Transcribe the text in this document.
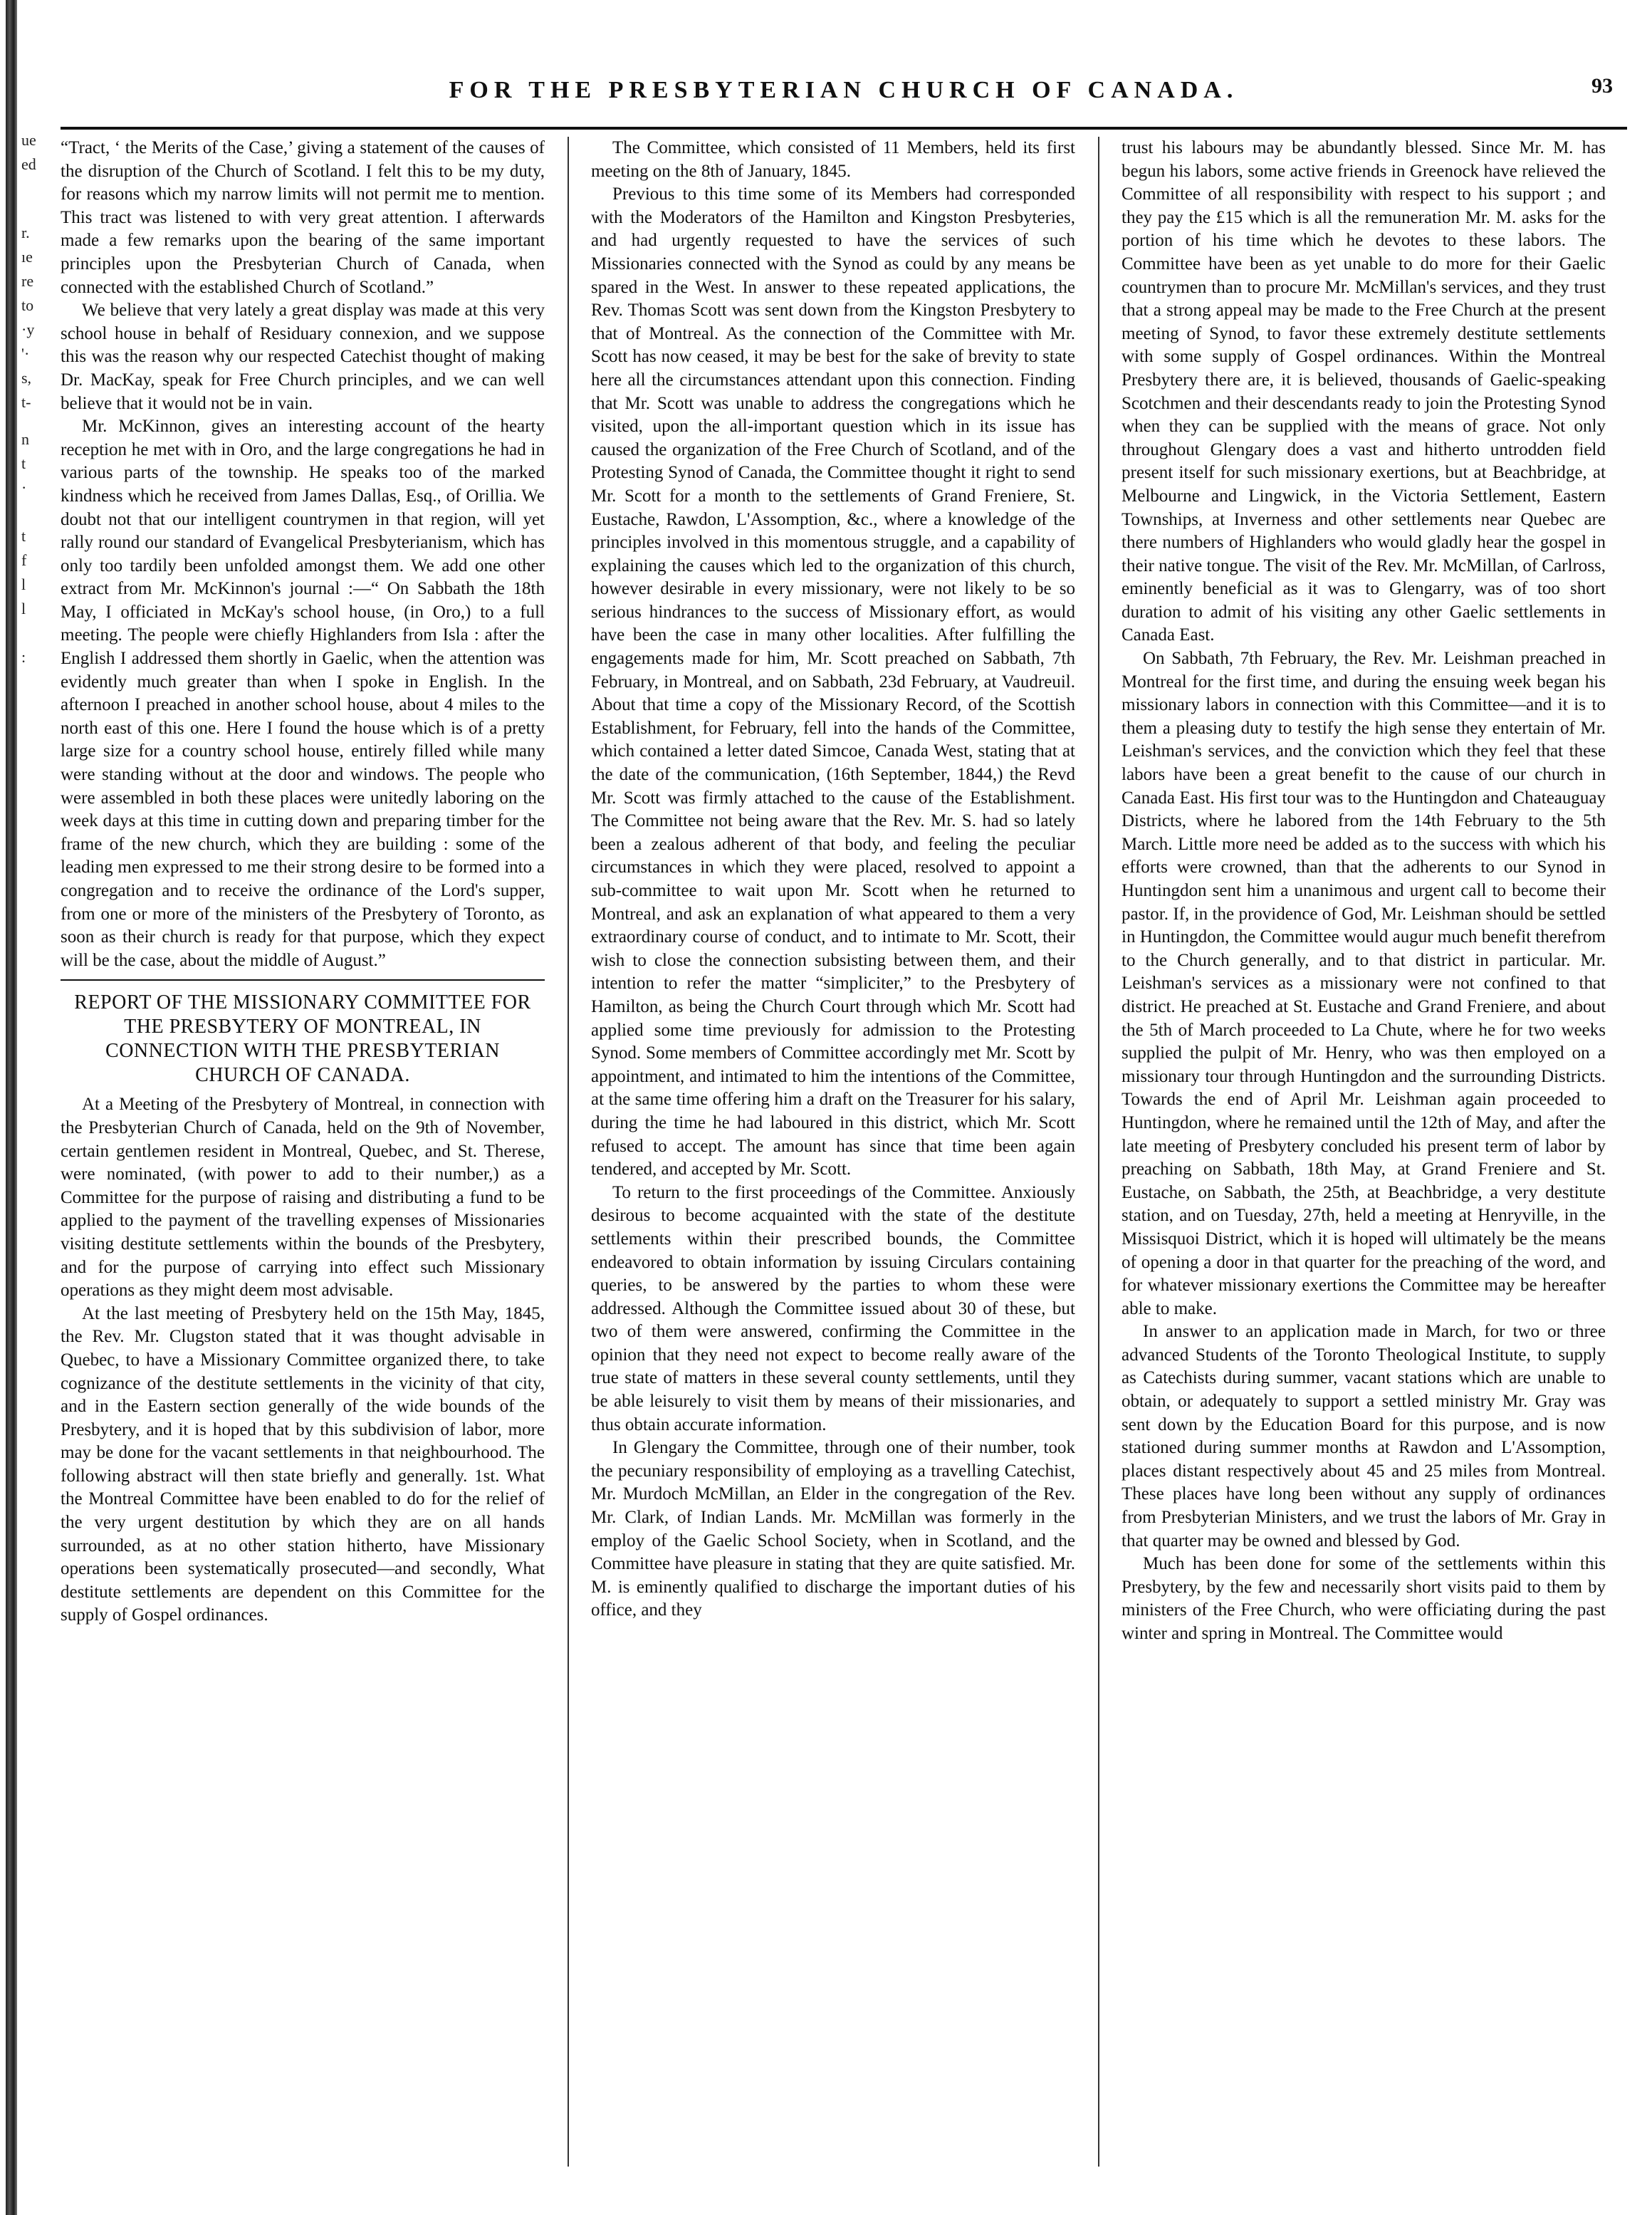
ue
ed
r.
ıe
re
to
·y
'·
s,
t-
n
t
·
t
f
l
l
:
FOR THE PRESBYTERIAN CHURCH OF CANADA.	93

“Tract, ‘ the Merits of the Case,’ giving a statement of the causes of the disruption of the Church of Scotland. I felt this to be my duty, for reasons which my narrow limits will not permit me to mention. This tract was listened to with very great attention. I afterwards made a few remarks upon the bearing of the same important principles upon the Presbyterian Church of Canada, when connected with the established Church of Scotland.”

We believe that very lately a great display was made at this very school house in behalf of Residuary connexion, and we suppose this was the reason why our respected Catechist thought of making Dr. MacKay, speak for Free Church principles, and we can well believe that it would not be in vain.

Mr. McKinnon, gives an interesting account of the hearty reception he met with in Oro, and the large congregations he had in various parts of the township. He speaks too of the marked kindness which he received from James Dallas, Esq., of Orillia. We doubt not that our intelligent countrymen in that region, will yet rally round our standard of Evangelical Presbyterianism, which has only too tardily been unfolded amongst them. We add one other extract from Mr. McKinnon's journal :—“ On Sabbath the 18th May, I officiated in McKay's school house, (in Oro,) to a full meeting. The people were chiefly Highlanders from Isla : after the English I addressed them shortly in Gaelic, when the attention was evidently much greater than when I spoke in English. In the afternoon I preached in another school house, about 4 miles to the north east of this one. Here I found the house which is of a pretty large size for a country school house, entirely filled while many were standing without at the door and windows. The people who were assembled in both these places were unitedly laboring on the week days at this time in cutting down and preparing timber for the frame of the new church, which they are building : some of the leading men expressed to me their strong desire to be formed into a congregation and to receive the ordinance of the Lord's supper, from one or more of the ministers of the Presbytery of Toronto, as soon as their church is ready for that purpose, which they expect will be the case, about the middle of August.”

REPORT OF THE MISSIONARY COMMITTEE FOR THE PRESBYTERY OF MONTREAL, IN CONNECTION WITH THE PRESBYTERIAN CHURCH OF CANADA.

At a Meeting of the Presbytery of Montreal, in connection with the Presbyterian Church of Canada, held on the 9th of November, certain gentlemen resident in Montreal, Quebec, and St. Therese, were nominated, (with power to add to their number,) as a Committee for the purpose of raising and distributing a fund to be applied to the payment of the travelling expenses of Missionaries visiting destitute settlements within the bounds of the Presbytery, and for the purpose of carrying into effect such Missionary operations as they might deem most advisable.

At the last meeting of Presbytery held on the 15th May, 1845, the Rev. Mr. Clugston stated that it was thought advisable in Quebec, to have a Missionary Committee organized there, to take cognizance of the destitute settlements in the vicinity of that city, and in the Eastern section generally of the wide bounds of the Presbytery, and it is hoped that by this subdivision of labor, more may be done for the vacant settlements in that neighbourhood. The following abstract will then state briefly and generally. 1st. What the Montreal Committee have been enabled to do for the relief of the very urgent destitution by which they are on all hands surrounded, as at no other station hitherto, have Missionary operations been systematically prosecuted—and secondly, What destitute settlements are dependent on this Committee for the supply of Gospel ordinances.

The Committee, which consisted of 11 Members, held its first meeting on the 8th of January, 1845.

Previous to this time some of its Members had corresponded with the Moderators of the Hamilton and Kingston Presbyteries, and had urgently requested to have the services of such Missionaries connected with the Synod as could by any means be spared in the West. In answer to these repeated applications, the Rev. Thomas Scott was sent down from the Kingston Presbytery to that of Montreal. As the connection of the Committee with Mr. Scott has now ceased, it may be best for the sake of brevity to state here all the circumstances attendant upon this connection. Finding that Mr. Scott was unable to address the congregations which he visited, upon the all-important question which in its issue has caused the organization of the Free Church of Scotland, and of the Protesting Synod of Canada, the Committee thought it right to send Mr. Scott for a month to the settlements of Grand Freniere, St. Eustache, Rawdon, L'Assomption, &c., where a knowledge of the principles involved in this momentous struggle, and a capability of explaining the causes which led to the organization of this church, however desirable in every missionary, were not likely to be so serious hindrances to the success of Missionary effort, as would have been the case in many other localities. After fulfilling the engagements made for him, Mr. Scott preached on Sabbath, 7th February, in Montreal, and on Sabbath, 23d February, at Vaudreuil. About that time a copy of the Missionary Record, of the Scottish Establishment, for February, fell into the hands of the Committee, which contained a letter dated Simcoe, Canada West, stating that at the date of the communication, (16th September, 1844,) the Revd Mr. Scott was firmly attached to the cause of the Establishment. The Committee not being aware that the Rev. Mr. S. had so lately been a zealous adherent of that body, and feeling the peculiar circumstances in which they were placed, resolved to appoint a sub-committee to wait upon Mr. Scott when he returned to Montreal, and ask an explanation of what appeared to them a very extraordinary course of conduct, and to intimate to Mr. Scott, their wish to close the connection subsisting between them, and their intention to refer the matter “simpliciter,” to the Presbytery of Hamilton, as being the Church Court through which Mr. Scott had applied some time previously for admission to the Protesting Synod. Some members of Committee accordingly met Mr. Scott by appointment, and intimated to him the intentions of the Committee, at the same time offering him a draft on the Treasurer for his salary, during the time he had laboured in this district, which Mr. Scott refused to accept. The amount has since that time been again tendered, and accepted by Mr. Scott.

To return to the first proceedings of the Committee. Anxiously desirous to become acquainted with the state of the destitute settlements within their prescribed bounds, the Committee endeavored to obtain information by issuing Circulars containing queries, to be answered by the parties to whom these were addressed. Although the Committee issued about 30 of these, but two of them were answered, confirming the Committee in the opinion that they need not expect to become really aware of the true state of matters in these several county settlements, until they be able leisurely to visit them by means of their missionaries, and thus obtain accurate information.

In Glengary the Committee, through one of their number, took the pecuniary responsibility of employing as a travelling Catechist, Mr. Murdoch McMillan, an Elder in the congregation of the Rev. Mr. Clark, of Indian Lands. Mr. McMillan was formerly in the employ of the Gaelic School Society, when in Scotland, and the Committee have pleasure in stating that they are quite satisfied. Mr. M. is eminently qualified to discharge the important duties of his office, and they

trust his labours may be abundantly blessed. Since Mr. M. has begun his labors, some active friends in Greenock have relieved the Committee of all responsibility with respect to his support ; and they pay the £15 which is all the remuneration Mr. M. asks for the portion of his time which he devotes to these labors. The Committee have been as yet unable to do more for their Gaelic countrymen than to procure Mr. McMillan's services, and they trust that a strong appeal may be made to the Free Church at the present meeting of Synod, to favor these extremely destitute settlements with some supply of Gospel ordinances. Within the Montreal Presbytery there are, it is believed, thousands of Gaelic-speaking Scotchmen and their descendants ready to join the Protesting Synod when they can be supplied with the means of grace. Not only throughout Glengary does a vast and hitherto untrodden field present itself for such missionary exertions, but at Beachbridge, at Melbourne and Lingwick, in the Victoria Settlement, Eastern Townships, at Inverness and other settlements near Quebec are there numbers of Highlanders who would gladly hear the gospel in their native tongue. The visit of the Rev. Mr. McMillan, of Carlross, eminently beneficial as it was to Glengarry, was of too short duration to admit of his visiting any other Gaelic settlements in Canada East.

On Sabbath, 7th February, the Rev. Mr. Leishman preached in Montreal for the first time, and during the ensuing week began his missionary labors in connection with this Committee—and it is to them a pleasing duty to testify the high sense they entertain of Mr. Leishman's services, and the conviction which they feel that these labors have been a great benefit to the cause of our church in Canada East. His first tour was to the Huntingdon and Chateauguay Districts, where he labored from the 14th February to the 5th March. Little more need be added as to the success with which his efforts were crowned, than that the adherents to our Synod in Huntingdon sent him a unanimous and urgent call to become their pastor. If, in the providence of God, Mr. Leishman should be settled in Huntingdon, the Committee would augur much benefit therefrom to the Church generally, and to that district in particular. Mr. Leishman's services as a missionary were not confined to that district. He preached at St. Eustache and Grand Freniere, and about the 5th of March proceeded to La Chute, where he for two weeks supplied the pulpit of Mr. Henry, who was then employed on a missionary tour through Huntingdon and the surrounding Districts. Towards the end of April Mr. Leishman again proceeded to Huntingdon, where he remained until the 12th of May, and after the late meeting of Presbytery concluded his present term of labor by preaching on Sabbath, 18th May, at Grand Freniere and St. Eustache, on Sabbath, the 25th, at Beachbridge, a very destitute station, and on Tuesday, 27th, held a meeting at Henryville, in the Missisquoi District, which it is hoped will ultimately be the means of opening a door in that quarter for the preaching of the word, and for whatever missionary exertions the Committee may be hereafter able to make.

In answer to an application made in March, for two or three advanced Students of the Toronto Theological Institute, to supply as Catechists during summer, vacant stations which are unable to obtain, or adequately to support a settled ministry Mr. Gray was sent down by the Education Board for this purpose, and is now stationed during summer months at Rawdon and L'Assomption, places distant respectively about 45 and 25 miles from Montreal. These places have long been without any supply of ordinances from Presbyterian Ministers, and we trust the labors of Mr. Gray in that quarter may be owned and blessed by God.

Much has been done for some of the settlements within this Presbytery, by the few and necessarily short visits paid to them by ministers of the Free Church, who were officiating during the past winter and spring in Montreal. The Committee would
